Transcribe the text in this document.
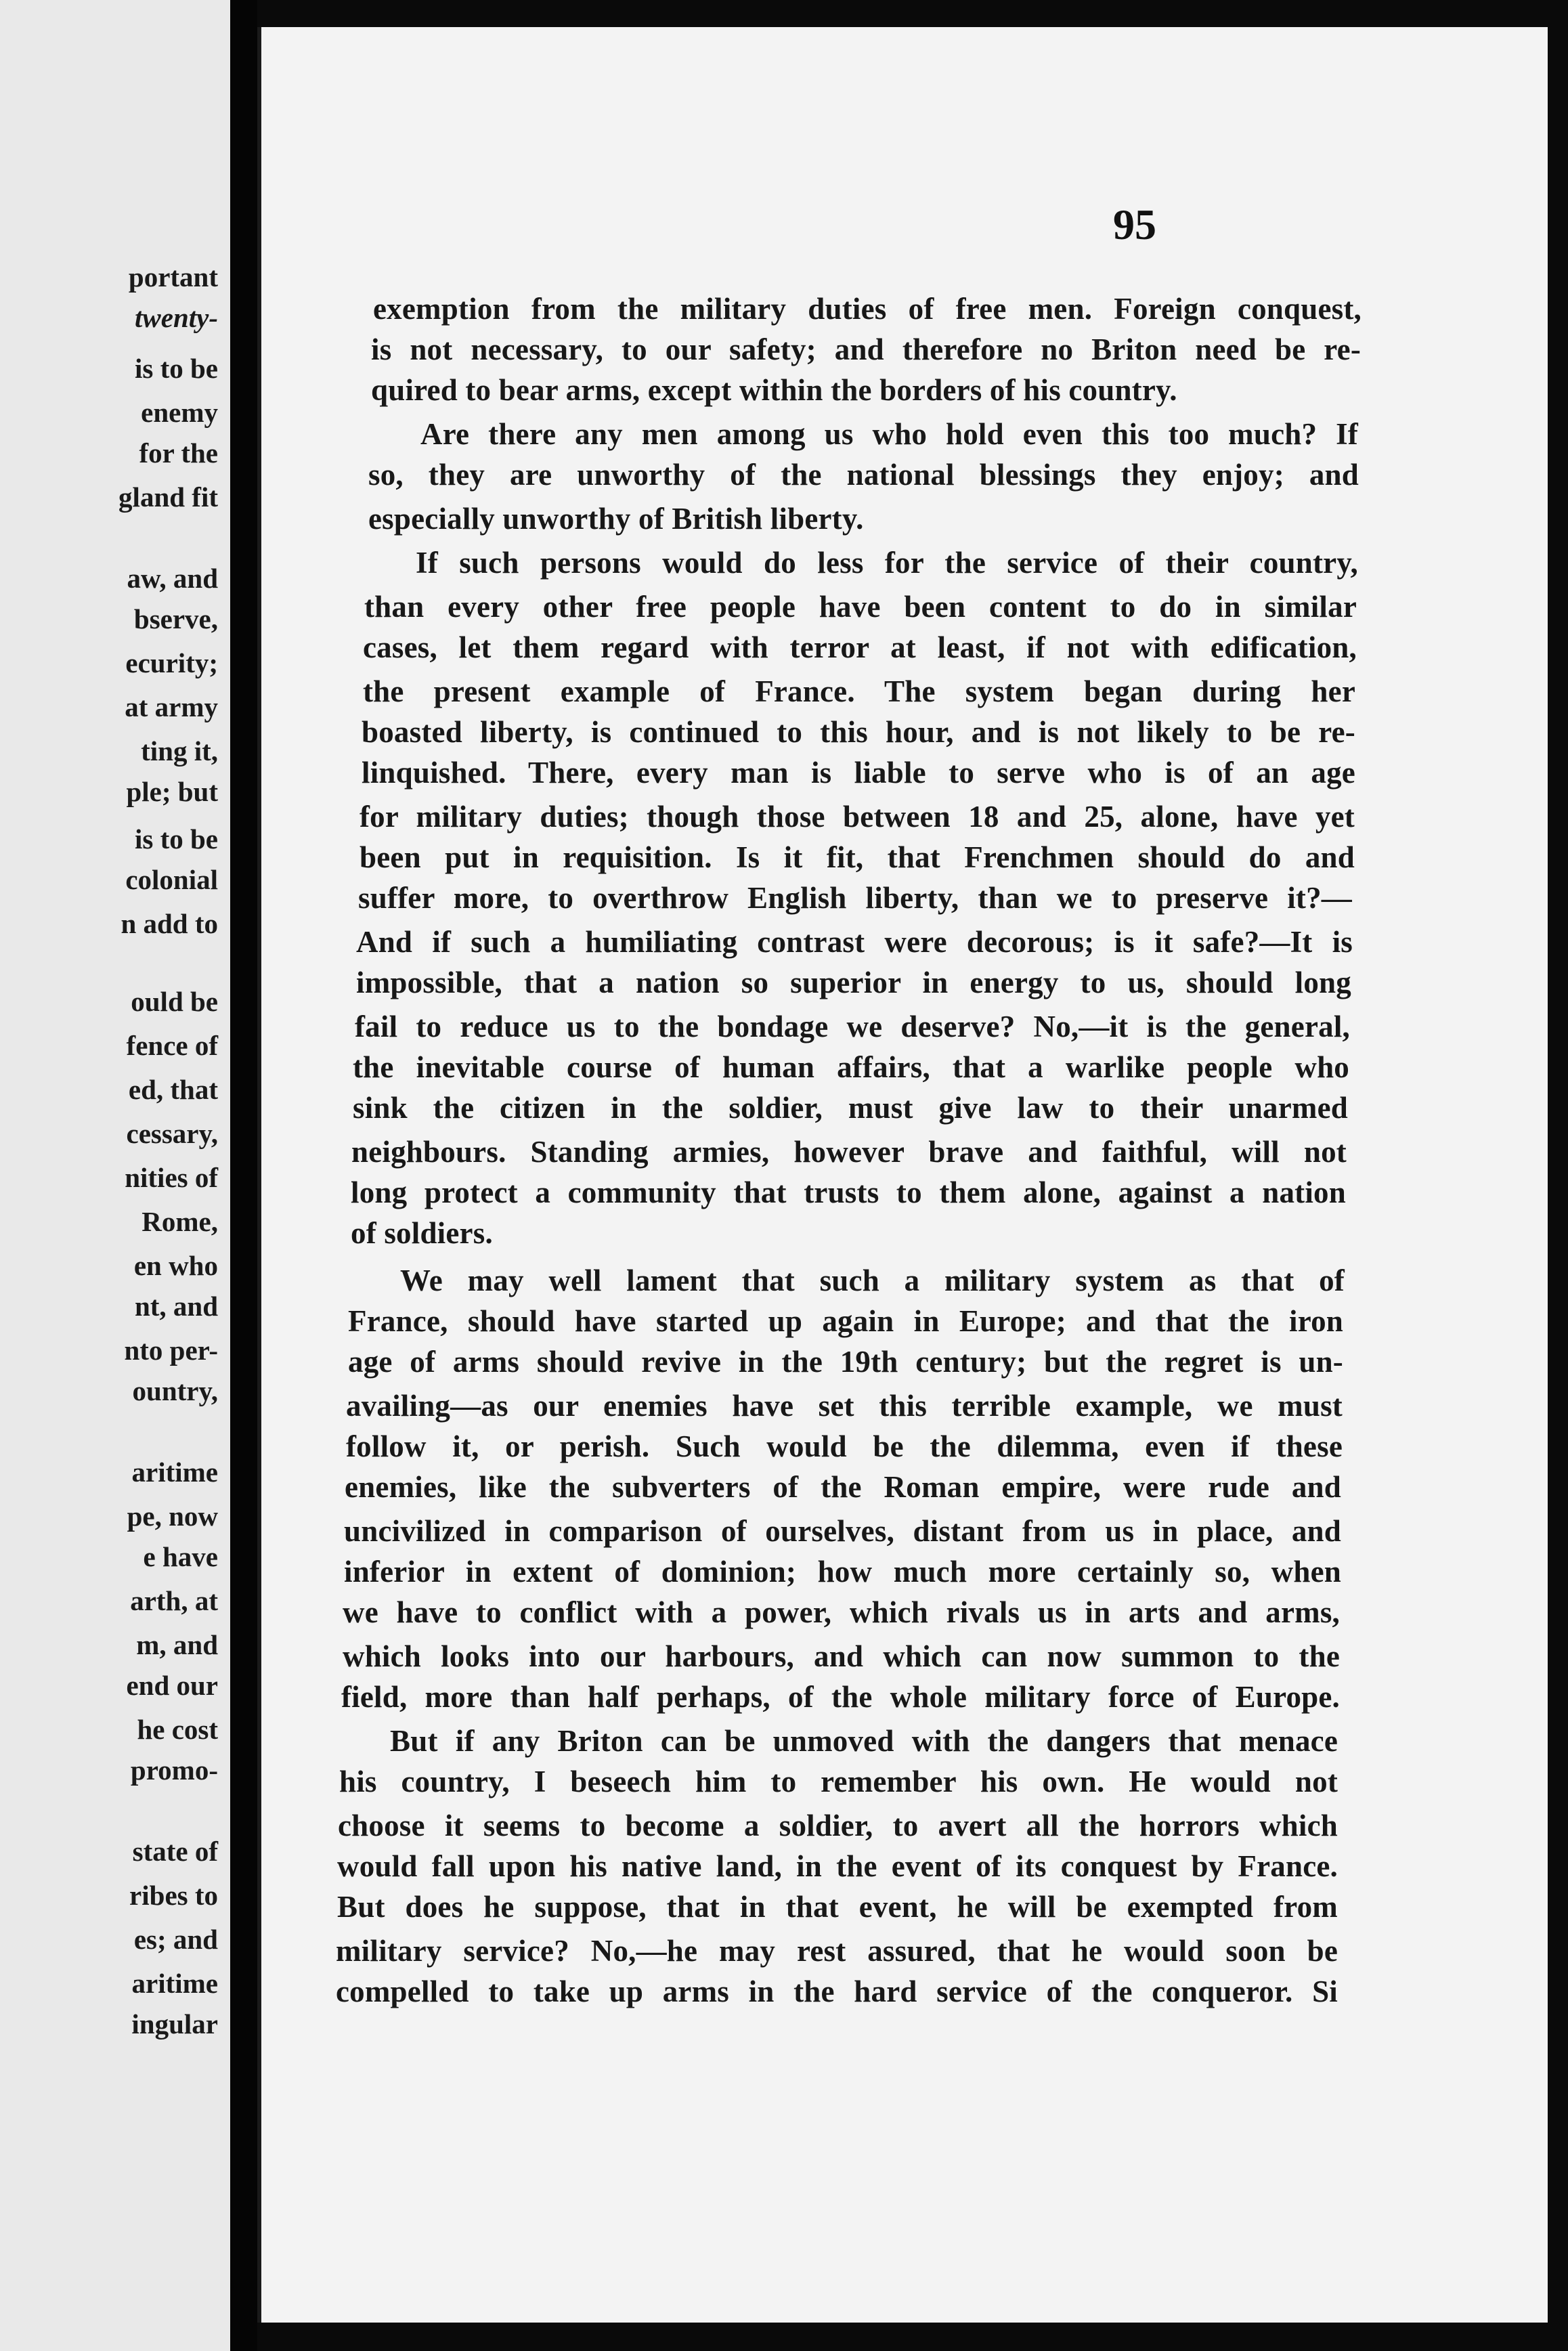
portant
twenty-
is to be
enemy
for the
gland fit
aw, and
bserve,
ecurity;
at army
ting it,
ple; but
is to be
colonial
n add to
ould be
fence of
ed, that
cessary,
nities of
Rome,
en who
nt, and
nto per-
ountry,
aritime
pe, now
e have
arth, at
m, and
end our
he cost
promo-
state of
ribes to
es; and
aritime
ingular
95
exemption from the military duties of free men. Foreign conquest,
is not necessary, to our safety; and therefore no Briton need be re-
quired to bear arms, except within the borders of his country.
Are there any men among us who hold even this too much? If
so, they are unworthy of the national blessings they enjoy; and
especially unworthy of British liberty.
If such persons would do less for the service of their country,
than every other free people have been content to do in similar
cases, let them regard with terror at least, if not with edification,
the present example of France. The system began during her
boasted liberty, is continued to this hour, and is not likely to be re-
linquished. There, every man is liable to serve who is of an age
for military duties; though those between 18 and 25, alone, have yet
been put in requisition. Is it fit, that Frenchmen should do and
suffer more, to overthrow English liberty, than we to preserve it?—
And if such a humiliating contrast were decorous; is it safe?—It is
impossible, that a nation so superior in energy to us, should long
fail to reduce us to the bondage we deserve? No,—it is the general,
the inevitable course of human affairs, that a warlike people who
sink the citizen in the soldier, must give law to their unarmed
neighbours. Standing armies, however brave and faithful, will not
long protect a community that trusts to them alone, against a nation
of soldiers.
We may well lament that such a military system as that of
France, should have started up again in Europe; and that the iron
age of arms should revive in the 19th century; but the regret is un-
availing—as our enemies have set this terrible example, we must
follow it, or perish. Such would be the dilemma, even if these
enemies, like the subverters of the Roman empire, were rude and
uncivilized in comparison of ourselves, distant from us in place, and
inferior in extent of dominion; how much more certainly so, when
we have to conflict with a power, which rivals us in arts and arms,
which looks into our harbours, and which can now summon to the
field, more than half perhaps, of the whole military force of Europe.
But if any Briton can be unmoved with the dangers that menace
his country, I beseech him to remember his own. He would not
choose it seems to become a soldier, to avert all the horrors which
would fall upon his native land, in the event of its conquest by France.
But does he suppose, that in that event, he will be exempted from
military service? No,—he may rest assured, that he would soon be
compelled to take up arms in the hard service of the conqueror. Si
